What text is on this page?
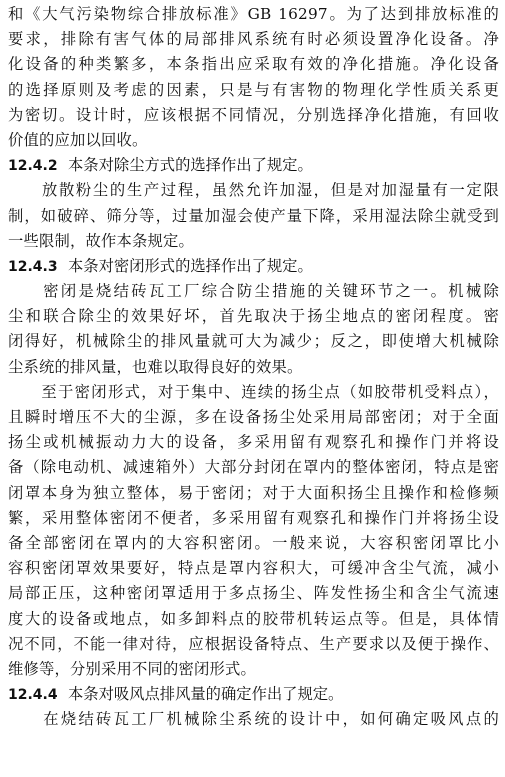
和《大气污染物综合排放标准》GB 16297。为了达到排放标准的
要求，排除有害气体的局部排风系统有时必须设置净化设备。净
化设备的种类繁多，本条指出应采取有效的净化措施。净化设备
的选择原则及考虑的因素，只是与有害物的物理化学性质关系更
为密切。设计时，应该根据不同情况，分别选择净化措施，有回收
价值的应加以回收。
12.4.2 本条对除尘方式的选择作出了规定。
　　放散粉尘的生产过程，虽然允许加湿，但是对加湿量有一定限
制，如破碎、筛分等，过量加湿会使产量下降，采用湿法除尘就受到
一些限制，故作本条规定。
12.4.3 本条对密闭形式的选择作出了规定。
　　密闭是烧结砖瓦工厂综合防尘措施的关键环节之一。机械除
尘和联合除尘的效果好坏，首先取决于扬尘地点的密闭程度。密
闭得好，机械除尘的排风量就可大为减少；反之，即使增大机械除
尘系统的排风量，也难以取得良好的效果。
　　至于密闭形式，对于集中、连续的扬尘点（如胶带机受料点），
且瞬时增压不大的尘源，多在设备扬尘处采用局部密闭；对于全面
扬尘或机械振动力大的设备，多采用留有观察孔和操作门并将设
备（除电动机、减速箱外）大部分封闭在罩内的整体密闭，特点是密
闭罩本身为独立整体，易于密闭；对于大面积扬尘且操作和检修频
繁，采用整体密闭不便者，多采用留有观察孔和操作门并将扬尘设
备全部密闭在罩内的大容积密闭。一般来说，大容积密闭罩比小
容积密闭罩效果要好，特点是罩内容积大，可缓冲含尘气流，减小
局部正压，这种密闭罩适用于多点扬尘、阵发性扬尘和含尘气流速
度大的设备或地点，如多卸料点的胶带机转运点等。但是，具体情
况不同，不能一律对待，应根据设备特点、生产要求以及便于操作、
维修等，分别采用不同的密闭形式。
12.4.4 本条对吸风点排风量的确定作出了规定。
　　在烧结砖瓦工厂机械除尘系统的设计中，如何确定吸风点的
